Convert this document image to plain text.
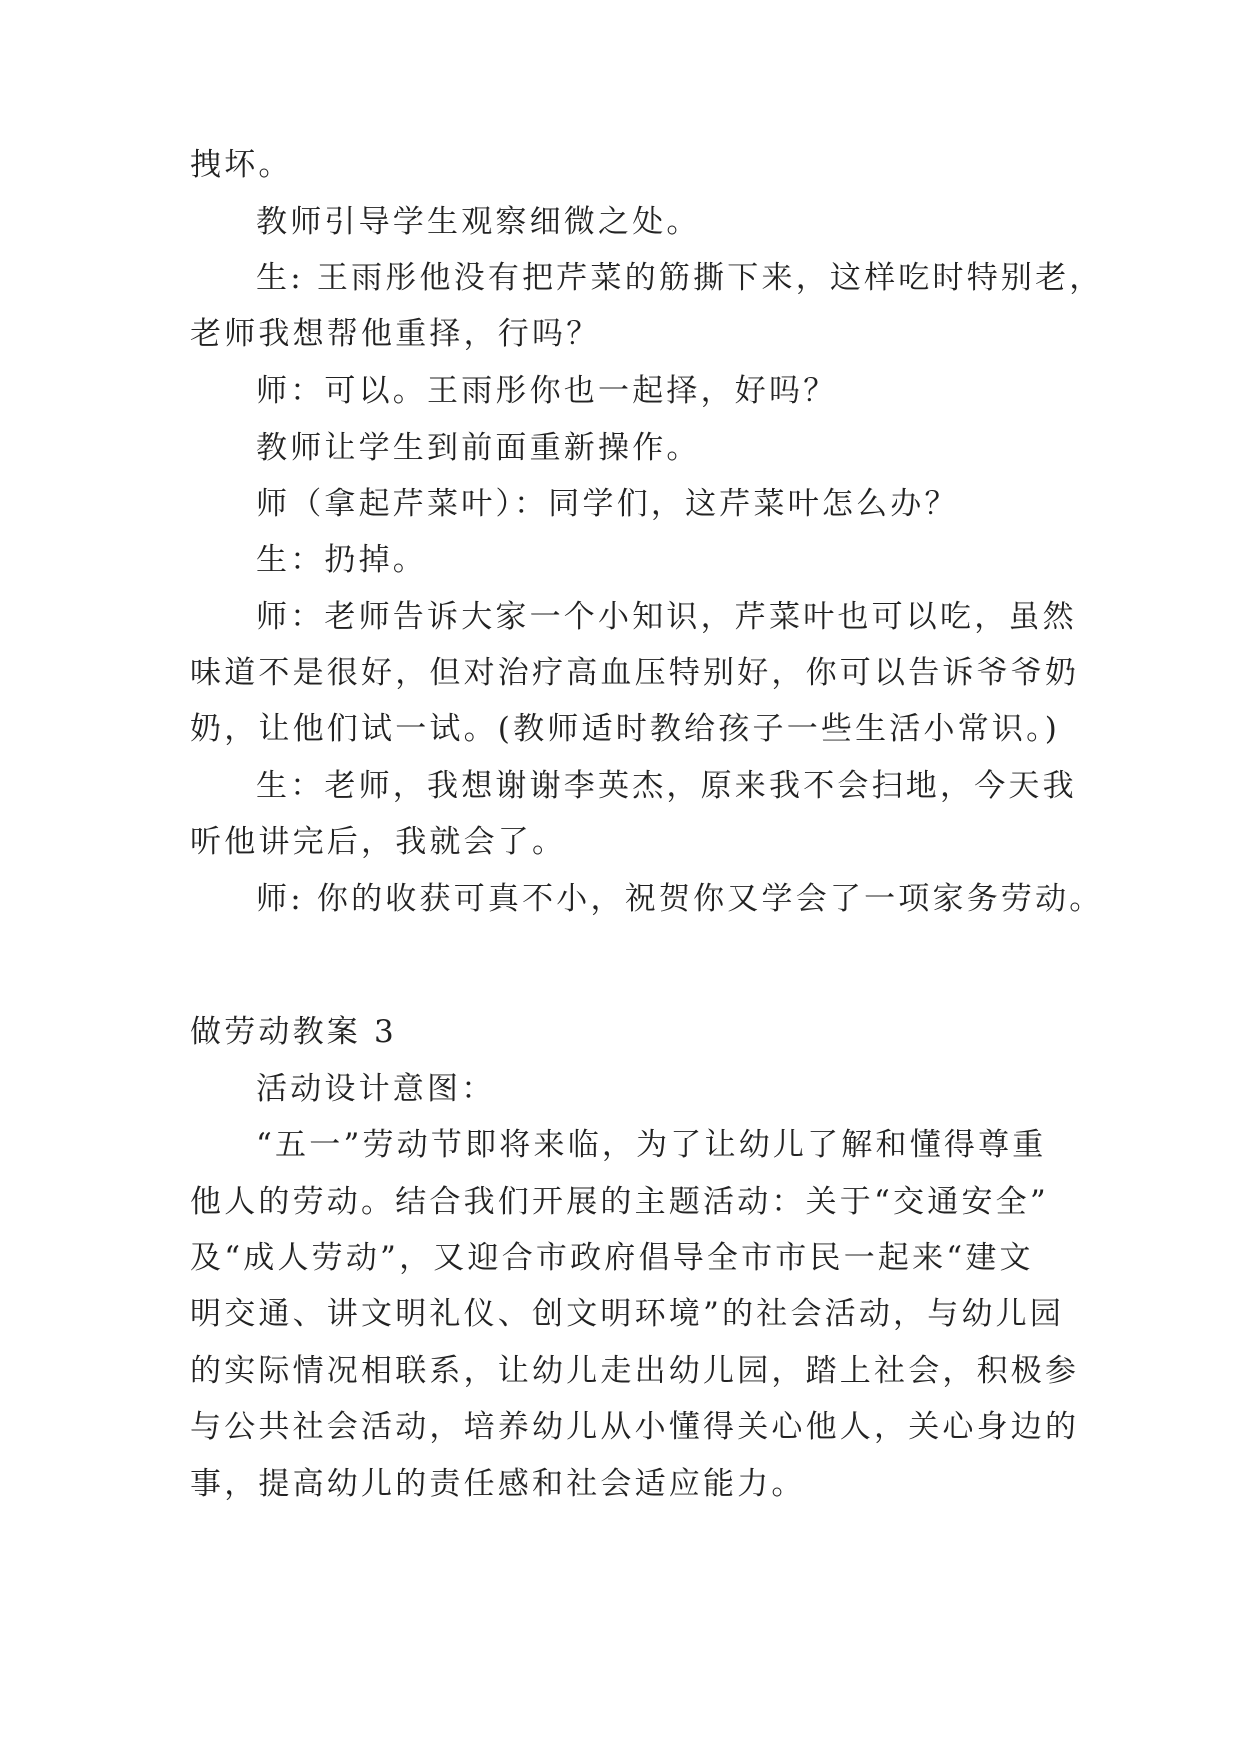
拽坏。
教师引导学生观察细微之处。
生: 王雨彤他没有把芹菜的筋撕下来，这样吃时特别老，
老师我想帮他重择，行吗？
师：可以。王雨彤你也一起择，好吗？
教师让学生到前面重新操作。
师（拿起芹菜叶）：同学们，这芹菜叶怎么办？
生：扔掉。
师：老师告诉大家一个小知识，芹菜叶也可以吃，虽然
味道不是很好，但对治疗高血压特别好，你可以告诉爷爷奶
奶，让他们试一试。(教师适时教给孩子一些生活小常识。)
生：老师，我想谢谢李英杰，原来我不会扫地，今天我
听他讲完后，我就会了。
师: 你的收获可真不小，祝贺你又学会了一项家务劳动。
做劳动教案 3
活动设计意图：
“五一”劳动节即将来临，为了让幼儿了解和懂得尊重
他人的劳动。结合我们开展的主题活动：关于“交通安全”
及“成人劳动”，又迎合市政府倡导全市市民一起来“建文
明交通、讲文明礼仪、创文明环境”的社会活动，与幼儿园
的实际情况相联系，让幼儿走出幼儿园，踏上社会，积极参
与公共社会活动，培养幼儿从小懂得关心他人，关心身边的
事，提高幼儿的责任感和社会适应能力。
